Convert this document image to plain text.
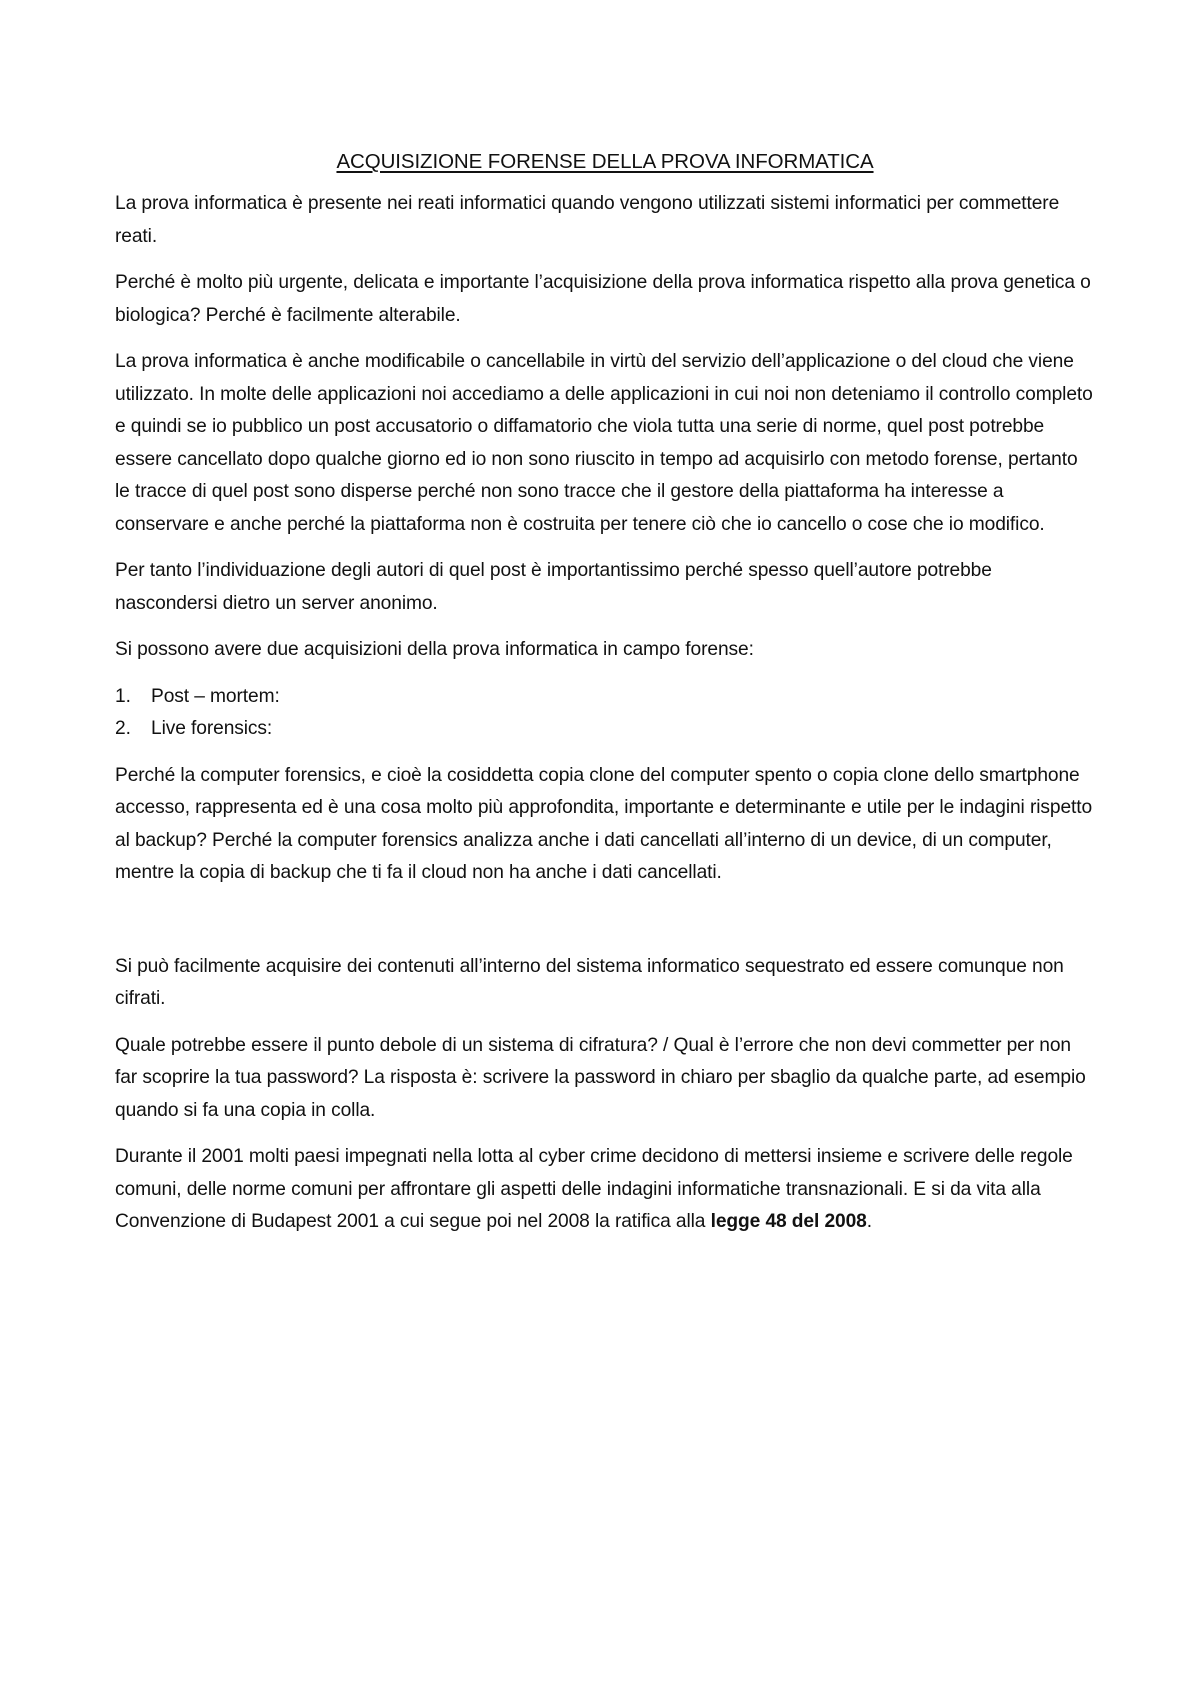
ACQUISIZIONE FORENSE DELLA PROVA INFORMATICA

La prova informatica è presente nei reati informatici quando vengono utilizzati sistemi informatici per commettere reati.

Perché è molto più urgente, delicata e importante l’acquisizione della prova informatica rispetto alla prova genetica o biologica? Perché è facilmente alterabile.

La prova informatica è anche modificabile o cancellabile in virtù del servizio dell’applicazione o del cloud che viene utilizzato. In molte delle applicazioni noi accediamo a delle applicazioni in cui noi non deteniamo il controllo completo e quindi se io pubblico un post accusatorio o diffamatorio che viola tutta una serie di norme, quel post potrebbe essere cancellato dopo qualche giorno ed io non sono riuscito in tempo ad acquisirlo con metodo forense, pertanto le tracce di quel post sono disperse perché non sono tracce che il gestore della piattaforma ha interesse a conservare e anche perché la piattaforma non è costruita per tenere ciò che io cancello o cose che io modifico.

Per tanto l’individuazione degli autori di quel post è importantissimo perché spesso quell’autore potrebbe nascondersi dietro un server anonimo.

Si possono avere due acquisizioni della prova informatica in campo forense:

1.	Post – mortem:
2.	Live forensics:

Perché la computer forensics, e cioè la cosiddetta copia clone del computer spento o copia clone dello smartphone accesso, rappresenta ed è una cosa molto più approfondita, importante e determinante e utile per le indagini rispetto al backup? Perché la computer forensics analizza anche i dati cancellati all’interno di un device, di un computer, mentre la copia di backup che ti fa il cloud non ha anche i dati cancellati.

Si può facilmente acquisire dei contenuti all’interno del sistema informatico sequestrato ed essere comunque non cifrati.

Quale potrebbe essere il punto debole di un sistema di cifratura? / Qual è l’errore che non devi commetter per non far scoprire la tua password? La risposta è: scrivere la password in chiaro per sbaglio da qualche parte, ad esempio quando si fa una copia in colla.

Durante il 2001 molti paesi impegnati nella lotta al cyber crime decidono di mettersi insieme e scrivere delle regole comuni, delle norme comuni per affrontare gli aspetti delle indagini informatiche transnazionali. E si da vita alla Convenzione di Budapest 2001 a cui segue poi nel 2008 la ratifica alla legge 48 del 2008.
